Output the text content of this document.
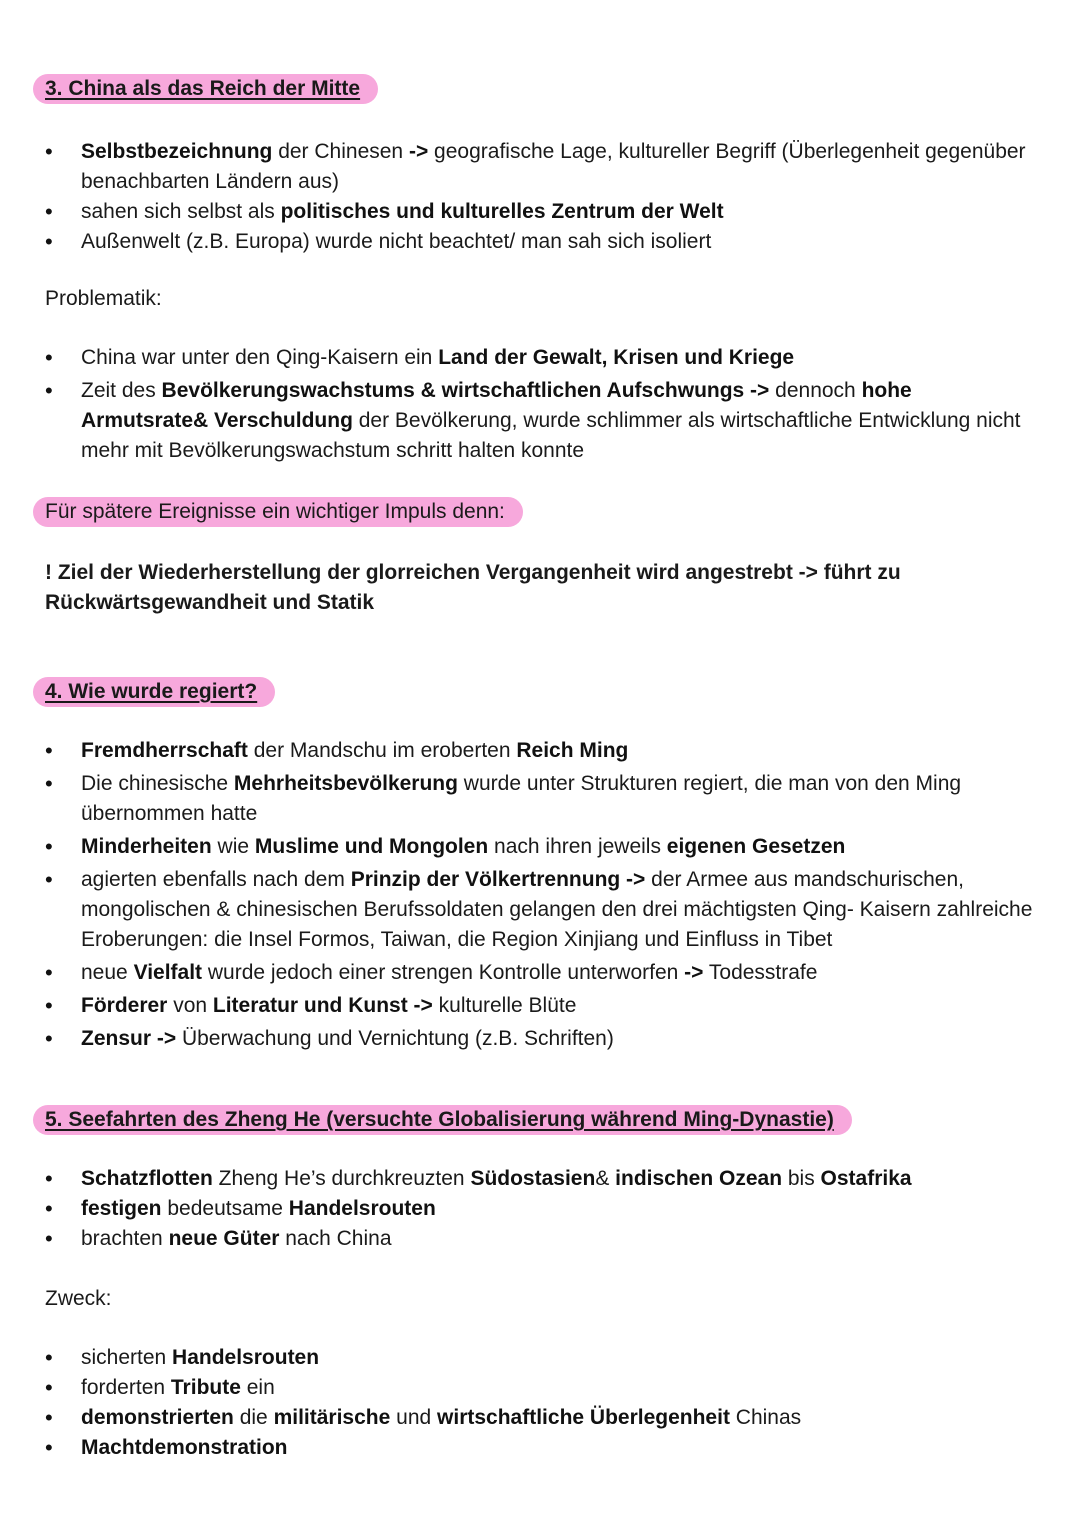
3. China als das Reich der Mitte
• Selbstbezeichnung der Chinesen -> geografische Lage, kultureller Begriff (Überlegenheit gegenüber benachbarten Ländern aus)
• sahen sich selbst als politisches und kulturelles Zentrum der Welt
• Außenwelt (z.B. Europa) wurde nicht beachtet/ man sah sich isoliert
Problematik:
• China war unter den Qing-Kaisern ein Land der Gewalt, Krisen und Kriege
• Zeit des Bevölkerungswachstums & wirtschaftlichen Aufschwungs -> dennoch hohe Armutsrate& Verschuldung der Bevölkerung, wurde schlimmer als wirtschaftliche Entwicklung nicht mehr mit Bevölkerungswachstum schritt halten konnte
Für spätere Ereignisse ein wichtiger Impuls denn:
! Ziel der Wiederherstellung der glorreichen Vergangenheit wird angestrebt -> führt zu Rückwärtsgewandheit und Statik
4. Wie wurde regiert?
• Fremdherrschaft der Mandschu im eroberten Reich Ming
• Die chinesische Mehrheitsbevölkerung wurde unter Strukturen regiert, die man von den Ming übernommen hatte
• Minderheiten wie Muslime und Mongolen nach ihren jeweils eigenen Gesetzen
• agierten ebenfalls nach dem Prinzip der Völkertrennung -> der Armee aus mandschurischen, mongolischen & chinesischen Berufssoldaten gelangen den drei mächtigsten Qing- Kaisern zahlreiche Eroberungen: die Insel Formos, Taiwan, die Region Xinjiang und Einfluss in Tibet
• neue Vielfalt wurde jedoch einer strengen Kontrolle unterworfen -> Todesstrafe
• Förderer von Literatur und Kunst -> kulturelle Blüte
• Zensur -> Überwachung und Vernichtung (z.B. Schriften)
5. Seefahrten des Zheng He (versuchte Globalisierung während Ming-Dynastie)
• Schatzflotten Zheng He’s durchkreuzten Südostasien& indischen Ozean bis Ostafrika
• festigen bedeutsame Handelsrouten
• brachten neue Güter nach China
Zweck:
• sicherten Handelsrouten
• forderten Tribute ein
• demonstrierten die militärische und wirtschaftliche Überlegenheit Chinas
• Machtdemonstration
